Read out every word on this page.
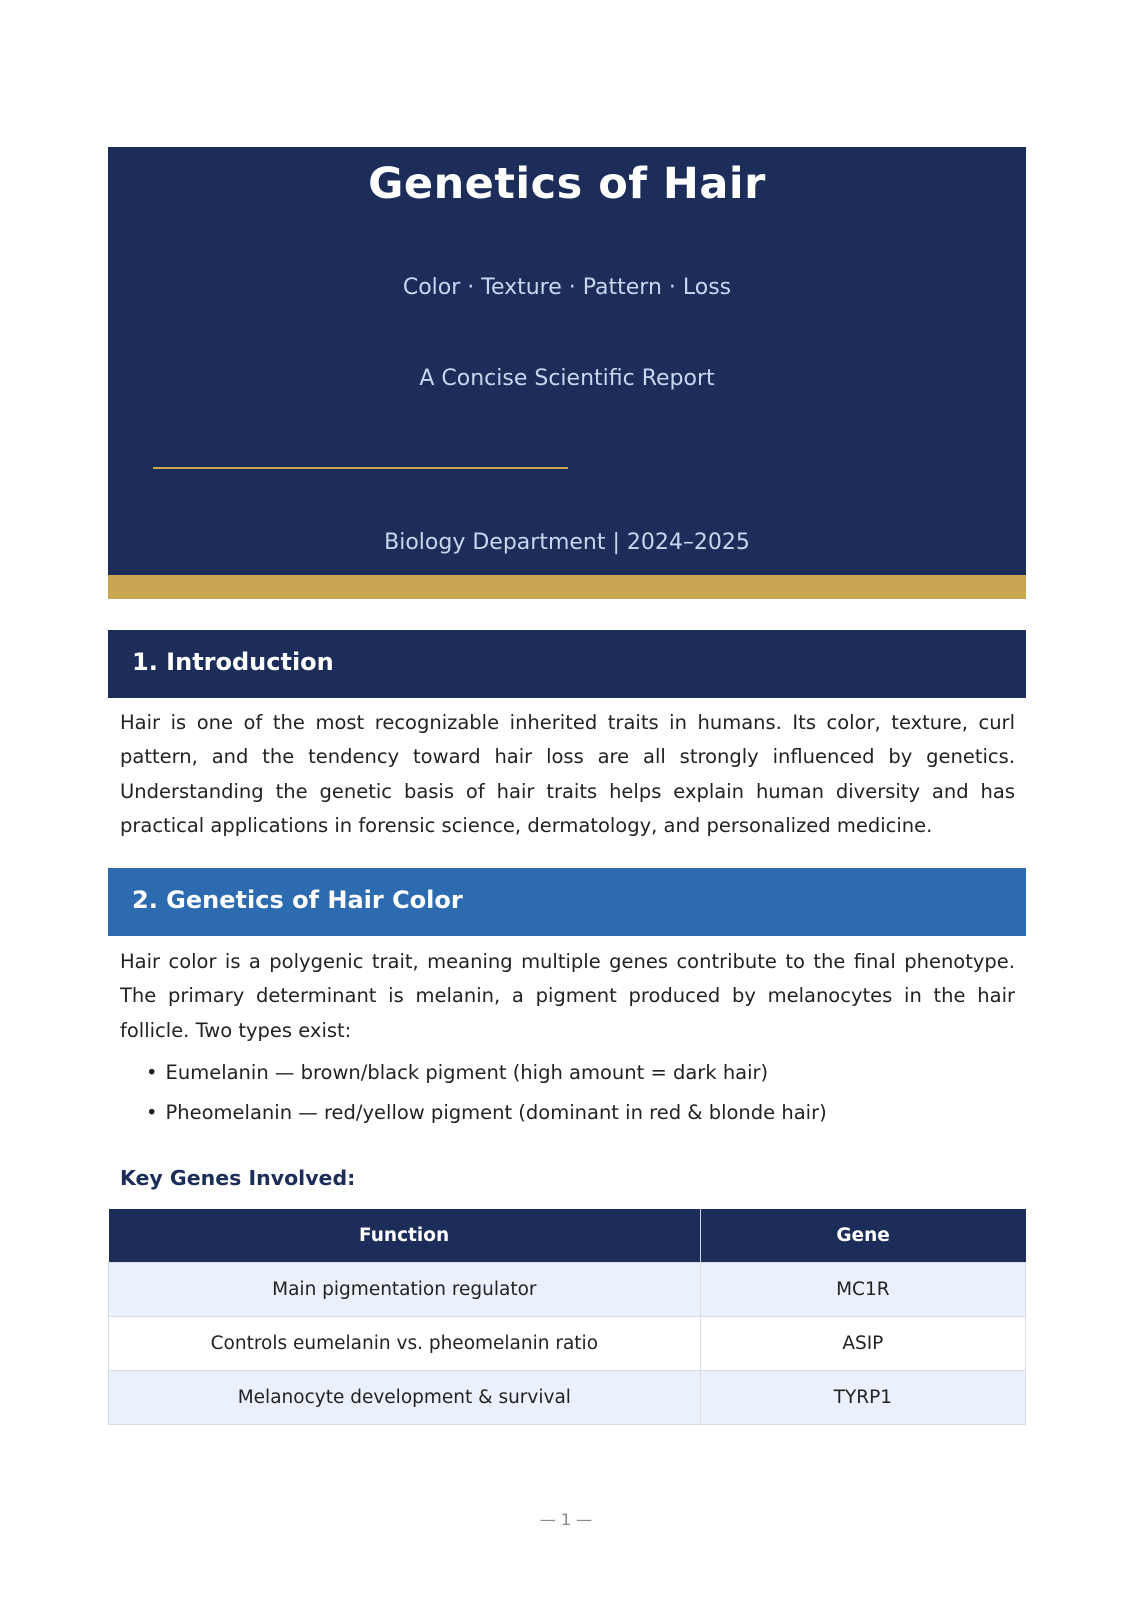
Genetics of Hair
Color · Texture · Pattern · Loss
A Concise Scientific Report
Biology Department | 2024–2025
1. Introduction

Hair is one of the most recognizable inherited traits in humans. Its color, texture, curl pattern, and the tendency toward hair loss are all strongly influenced by genetics. Understanding the genetic basis of hair traits helps explain human diversity and has practical applications in forensic science, dermatology, and personalized medicine.

2. Genetics of Hair Color

Hair color is a polygenic trait, meaning multiple genes contribute to the final phenotype. The primary determinant is melanin, a pigment produced by melanocytes in the hair follicle. Two types exist:

• Eumelanin — brown/black pigment (high amount = dark hair)
• Pheomelanin — red/yellow pigment (dominant in red & blonde hair)
Key Genes Involved:
Function	Gene
Main pigmentation regulator	MC1R
Controls eumelanin vs. pheomelanin ratio	ASIP
Melanocyte development & survival	TYRP1
— 1 —
